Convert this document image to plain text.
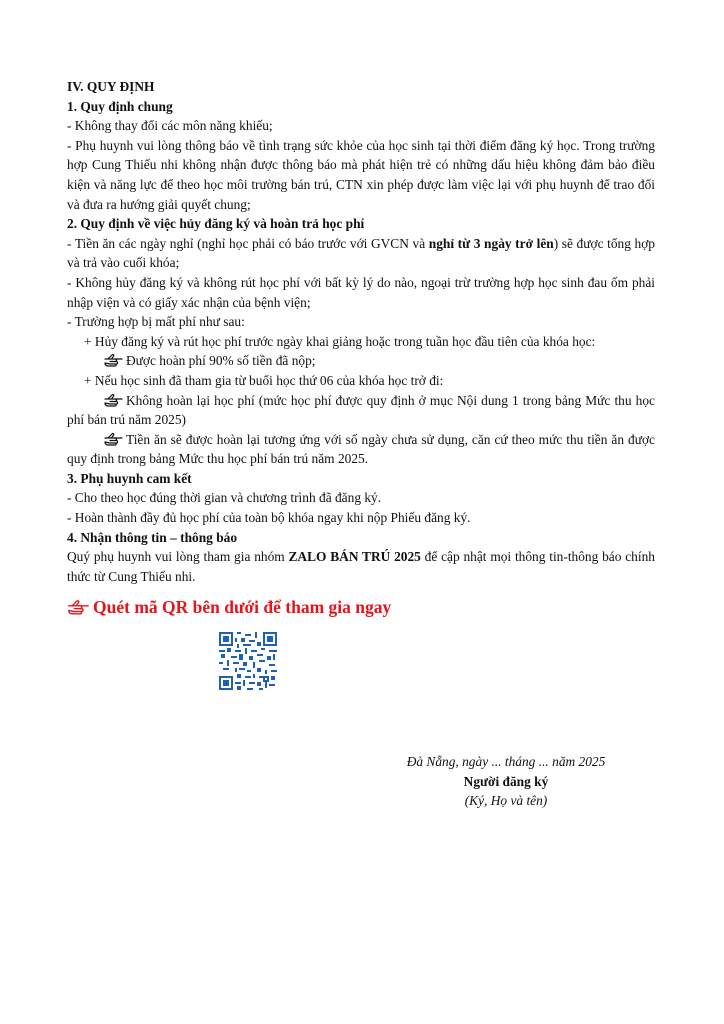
IV. QUY ĐỊNH

1. Quy định chung

- Không thay đổi các môn năng khiếu;

- Phụ huynh vui lòng thông báo về tình trạng sức khỏe của học sinh tại thời điểm đăng ký học. Trong trường hợp Cung Thiếu nhi không nhận được thông báo mà phát hiện trẻ có những dấu hiệu không đảm bảo điều kiện và năng lực để theo học môi trường bán trú, CTN xin phép được làm việc lại với phụ huynh để trao đổi và đưa ra hướng giải quyết chung;

2. Quy định về việc hủy đăng ký và hoàn trả học phí

- Tiền ăn các ngày nghỉ (nghỉ học phải có báo trước với GVCN và nghỉ từ 3 ngày trở lên) sẽ được tổng hợp và trả vào cuối khóa;

- Không hủy đăng ký và không rút học phí với bất kỳ lý do nào, ngoại trừ trường hợp học sinh đau ốm phải nhập viện và có giấy xác nhận của bệnh viện;

- Trường hợp bị mất phí như sau:

+ Hủy đăng ký và rút học phí trước ngày khai giảng hoặc trong tuần học đầu tiên của khóa học:

Được hoàn phí 90% số tiền đã nộp;

+ Nếu học sinh đã tham gia từ buổi học thứ 06 của khóa học trở đi:

Không hoàn lại học phí (mức học phí được quy định ở mục Nội dung 1 trong bảng Mức thu học phí bán trú năm 2025)

Tiền ăn sẽ được hoàn lại tương ứng với số ngày chưa sử dụng, căn cứ theo mức thu tiền ăn được quy định trong bảng Mức thu học phí bán trú năm 2025.

3. Phụ huynh cam kết

- Cho theo học đúng thời gian và chương trình đã đăng ký.

- Hoàn thành đầy đủ học phí của toàn bộ khóa ngay khi nộp Phiếu đăng ký.

4. Nhận thông tin – thông báo

Quý phụ huynh vui lòng tham gia nhóm ZALO BÁN TRÚ 2025 để cập nhật mọi thông tin-thông báo chính thức từ Cung Thiếu nhi.

Quét mã QR bên dưới để tham gia ngay

Đà Nẵng, ngày ... tháng ... năm 2025

Người đăng ký

(Ký, Họ và tên)
